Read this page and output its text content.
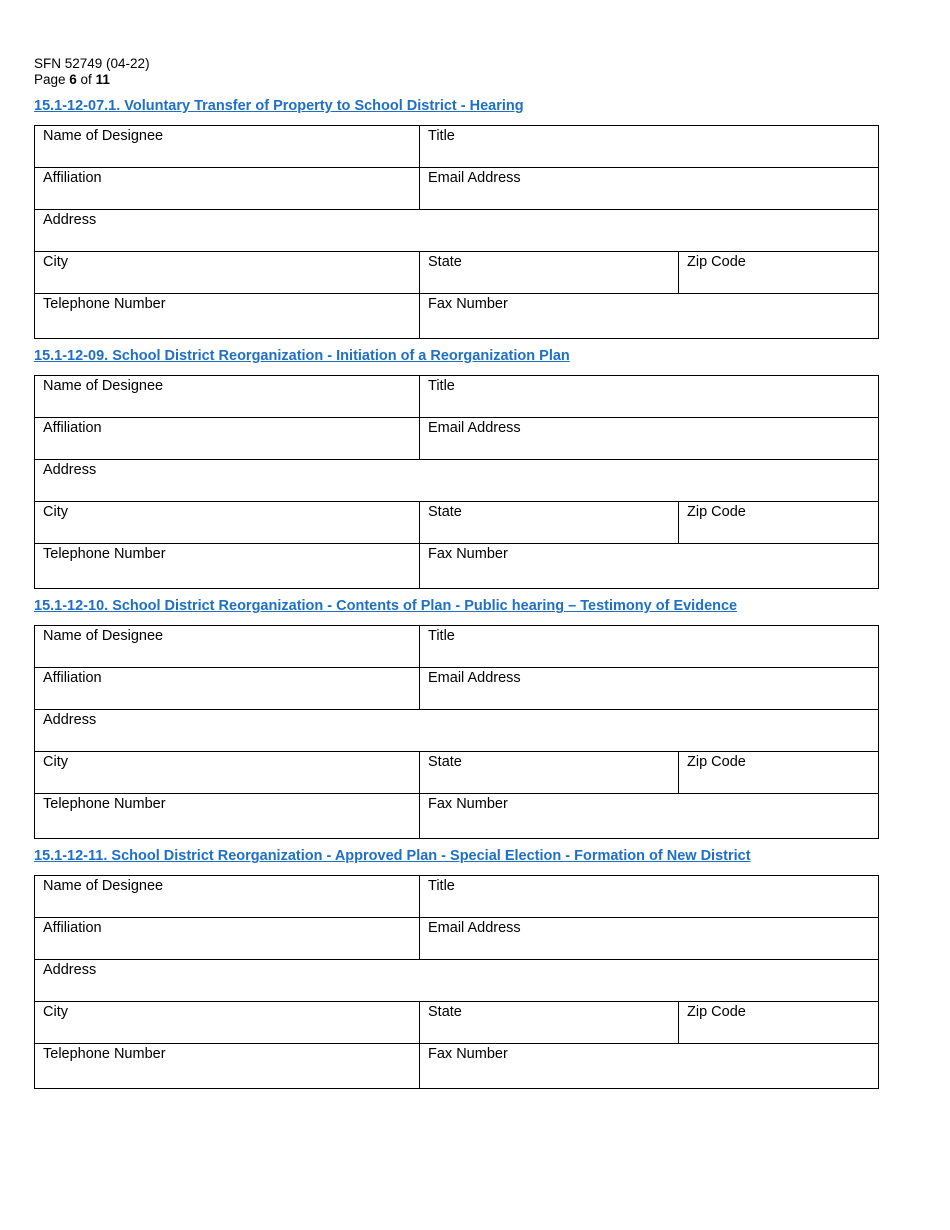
SFN 52749 (04-22)
Page 6 of 11
15.1-12-07.1. Voluntary Transfer of Property to School District - Hearing
Name of Designee	Title
Affiliation	Email Address
Address
City	State	Zip Code
Telephone Number	Fax Number
15.1-12-09. School District Reorganization - Initiation of a Reorganization Plan
Name of Designee	Title
Affiliation	Email Address
Address
City	State	Zip Code
Telephone Number	Fax Number
15.1-12-10. School District Reorganization - Contents of Plan - Public hearing – Testimony of Evidence
Name of Designee	Title
Affiliation	Email Address
Address
City	State	Zip Code
Telephone Number	Fax Number
15.1-12-11. School District Reorganization - Approved Plan - Special Election - Formation of New District
Name of Designee	Title
Affiliation	Email Address
Address
City	State	Zip Code
Telephone Number	Fax Number
